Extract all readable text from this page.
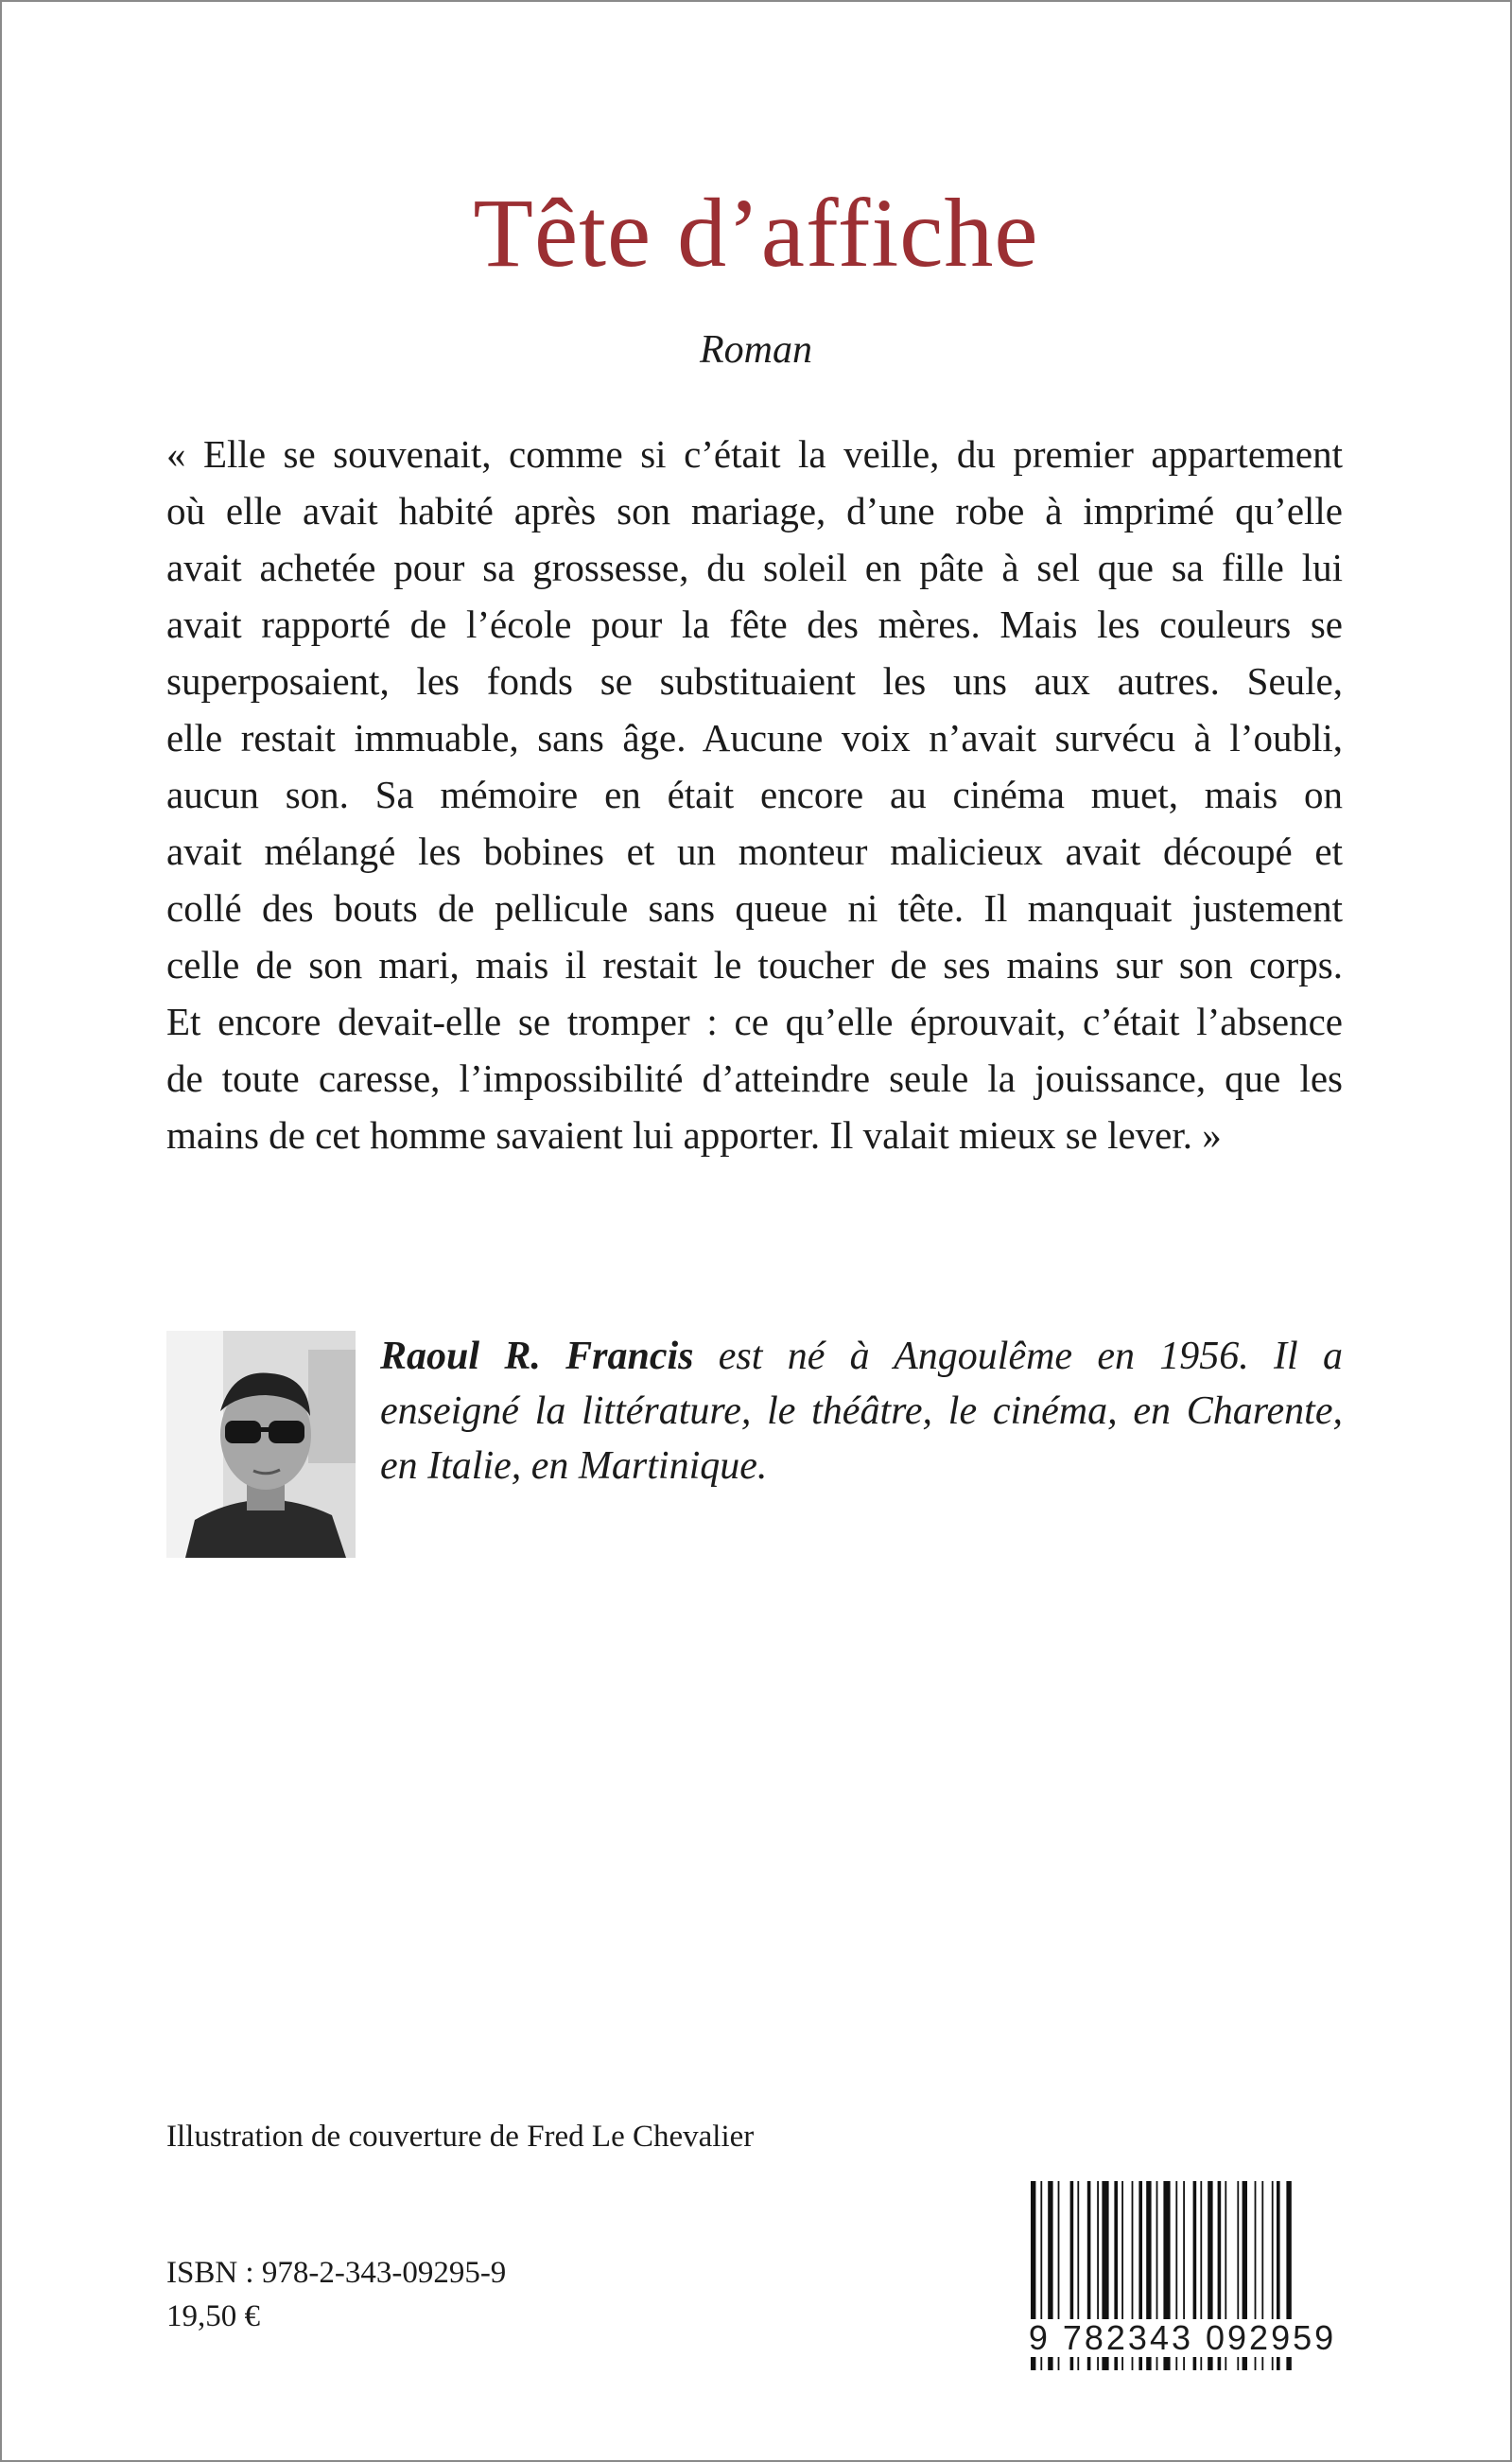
Tête d’affiche
Roman

« Elle se souvenait, comme si c’était la veille, du premier appartement
où elle avait habité après son mariage, d’une robe à imprimé qu’elle
avait achetée pour sa grossesse, du soleil en pâte à sel que sa fille lui
avait rapporté de l’école pour la fête des mères. Mais les couleurs se
superposaient, les fonds se substituaient les uns aux autres. Seule,
elle restait immuable, sans âge. Aucune voix n’avait survécu à l’oubli,
aucun son. Sa mémoire en était encore au cinéma muet, mais on
avait mélangé les bobines et un monteur malicieux avait découpé et
collé des bouts de pellicule sans queue ni tête. Il manquait justement
celle de son mari, mais il restait le toucher de ses mains sur son corps.
Et encore devait-elle se tromper : ce qu’elle éprouvait, c’était l’absence
de toute caresse, l’impossibilité d’atteindre seule la jouissance, que les
mains de cet homme savaient lui apporter. Il valait mieux se lever. »

Raoul R. Francis est né à Angoulême en 1956. Il a
enseigné la littérature, le théâtre, le cinéma, en Charente,
en Italie, en Martinique.

Illustration de couverture de Fred Le Chevalier
ISBN : 978-2-343-09295-9
19,50 €
9 782343 092959
